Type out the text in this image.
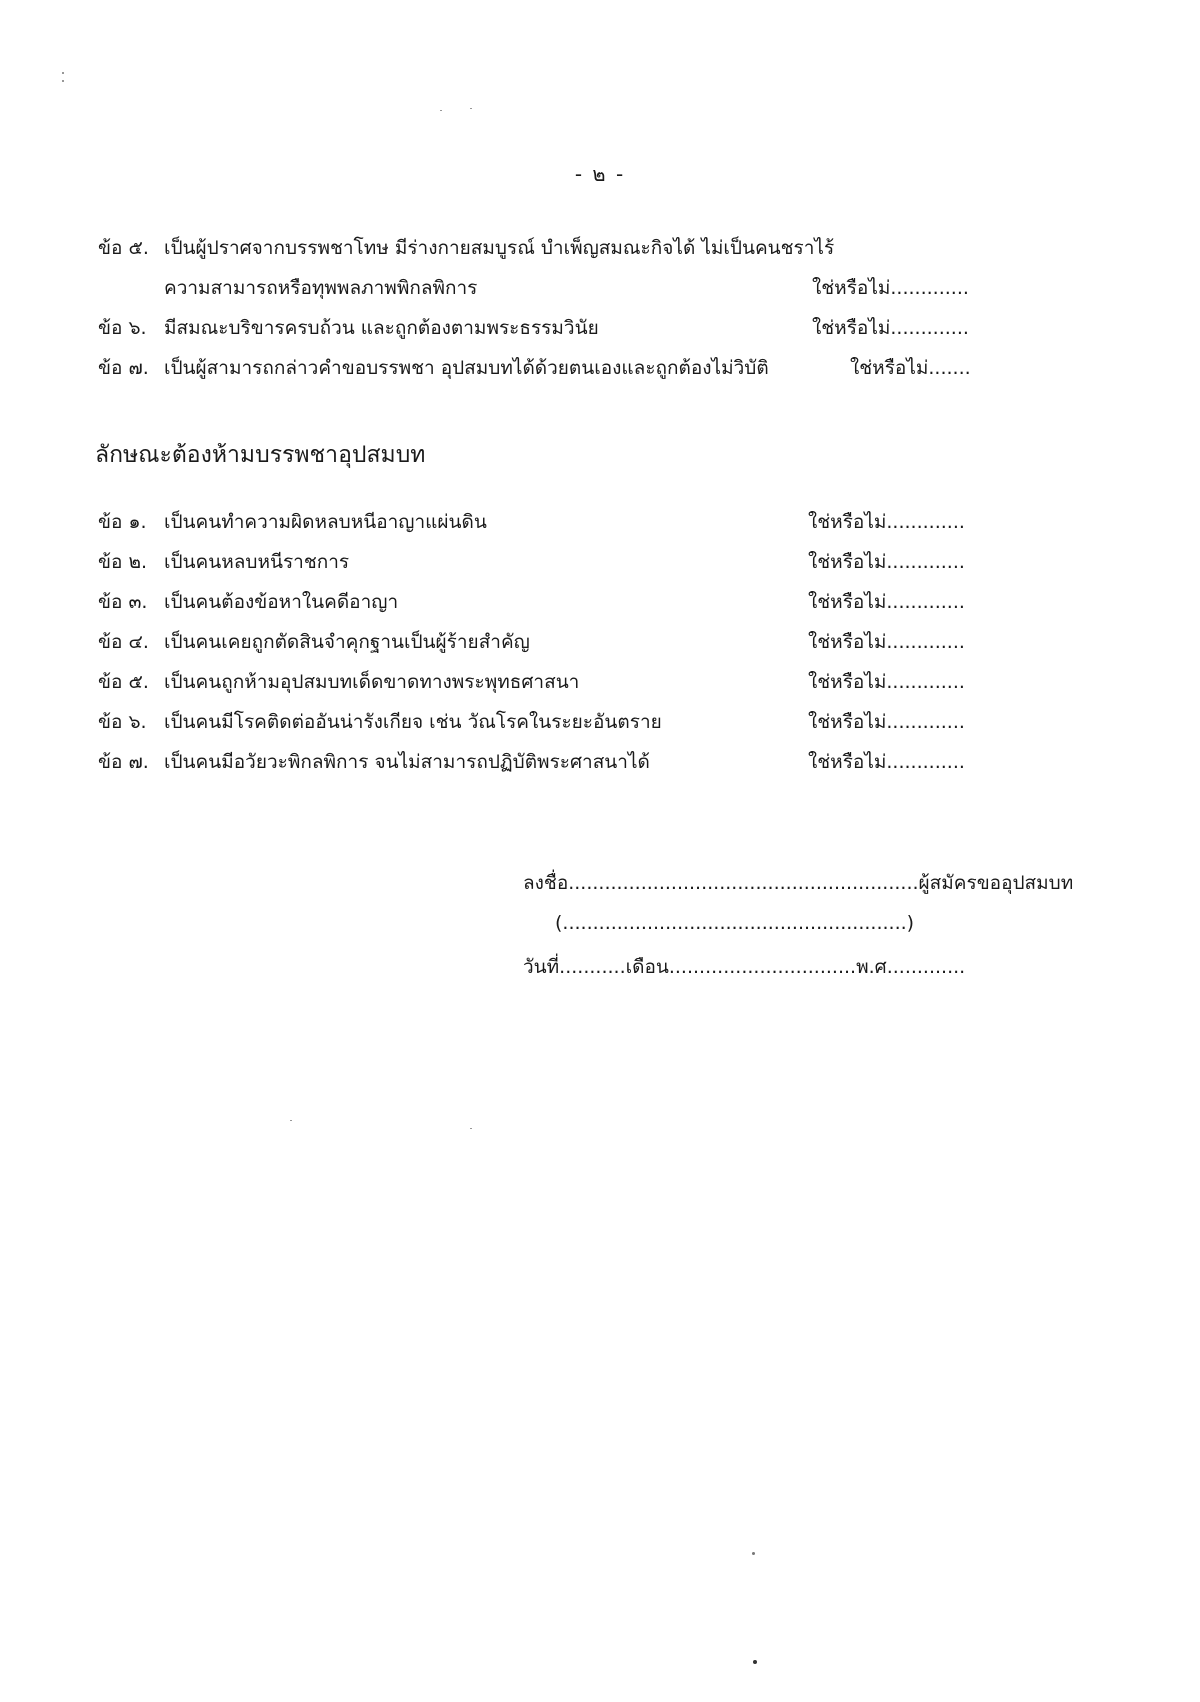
- ๒ -
ข้อ ๕. เป็นผู้ปราศจากบรรพชาโทษ มีร่างกายสมบูรณ์ บำเพ็ญสมณะกิจได้ ไม่เป็นคนชราไร้
ความสามารถหรือทุพพลภาพพิกลพิการ	ใช่หรือไม่.............
ข้อ ๖. มีสมณะบริขารครบถ้วน และถูกต้องตามพระธรรมวินัย	ใช่หรือไม่.............
ข้อ ๗. เป็นผู้สามารถกล่าวคำขอบรรพชา อุปสมบทได้ด้วยตนเองและถูกต้องไม่วิบัติ	ใช่หรือไม่.......
ลักษณะต้องห้ามบรรพชาอุปสมบท
ข้อ ๑. เป็นคนทำความผิดหลบหนีอาญาแผ่นดิน	ใช่หรือไม่.............
ข้อ ๒. เป็นคนหลบหนีราชการ	ใช่หรือไม่.............
ข้อ ๓. เป็นคนต้องข้อหาในคดีอาญา	ใช่หรือไม่.............
ข้อ ๔. เป็นคนเคยถูกตัดสินจำคุกฐานเป็นผู้ร้ายสำคัญ	ใช่หรือไม่.............
ข้อ ๕. เป็นคนถูกห้ามอุปสมบทเด็ดขาดทางพระพุทธศาสนา	ใช่หรือไม่.............
ข้อ ๖. เป็นคนมีโรคติดต่ออันน่ารังเกียจ เช่น วัณโรคในระยะอันตราย	ใช่หรือไม่.............
ข้อ ๗. เป็นคนมีอวัยวะพิกลพิการ จนไม่สามารถปฏิบัติพระศาสนาได้	ใช่หรือไม่.............
ลงชื่อ..........................................................ผู้สมัครขออุปสมบท
(.........................................................)
วันที่...........เดือน...............................พ.ศ.............
